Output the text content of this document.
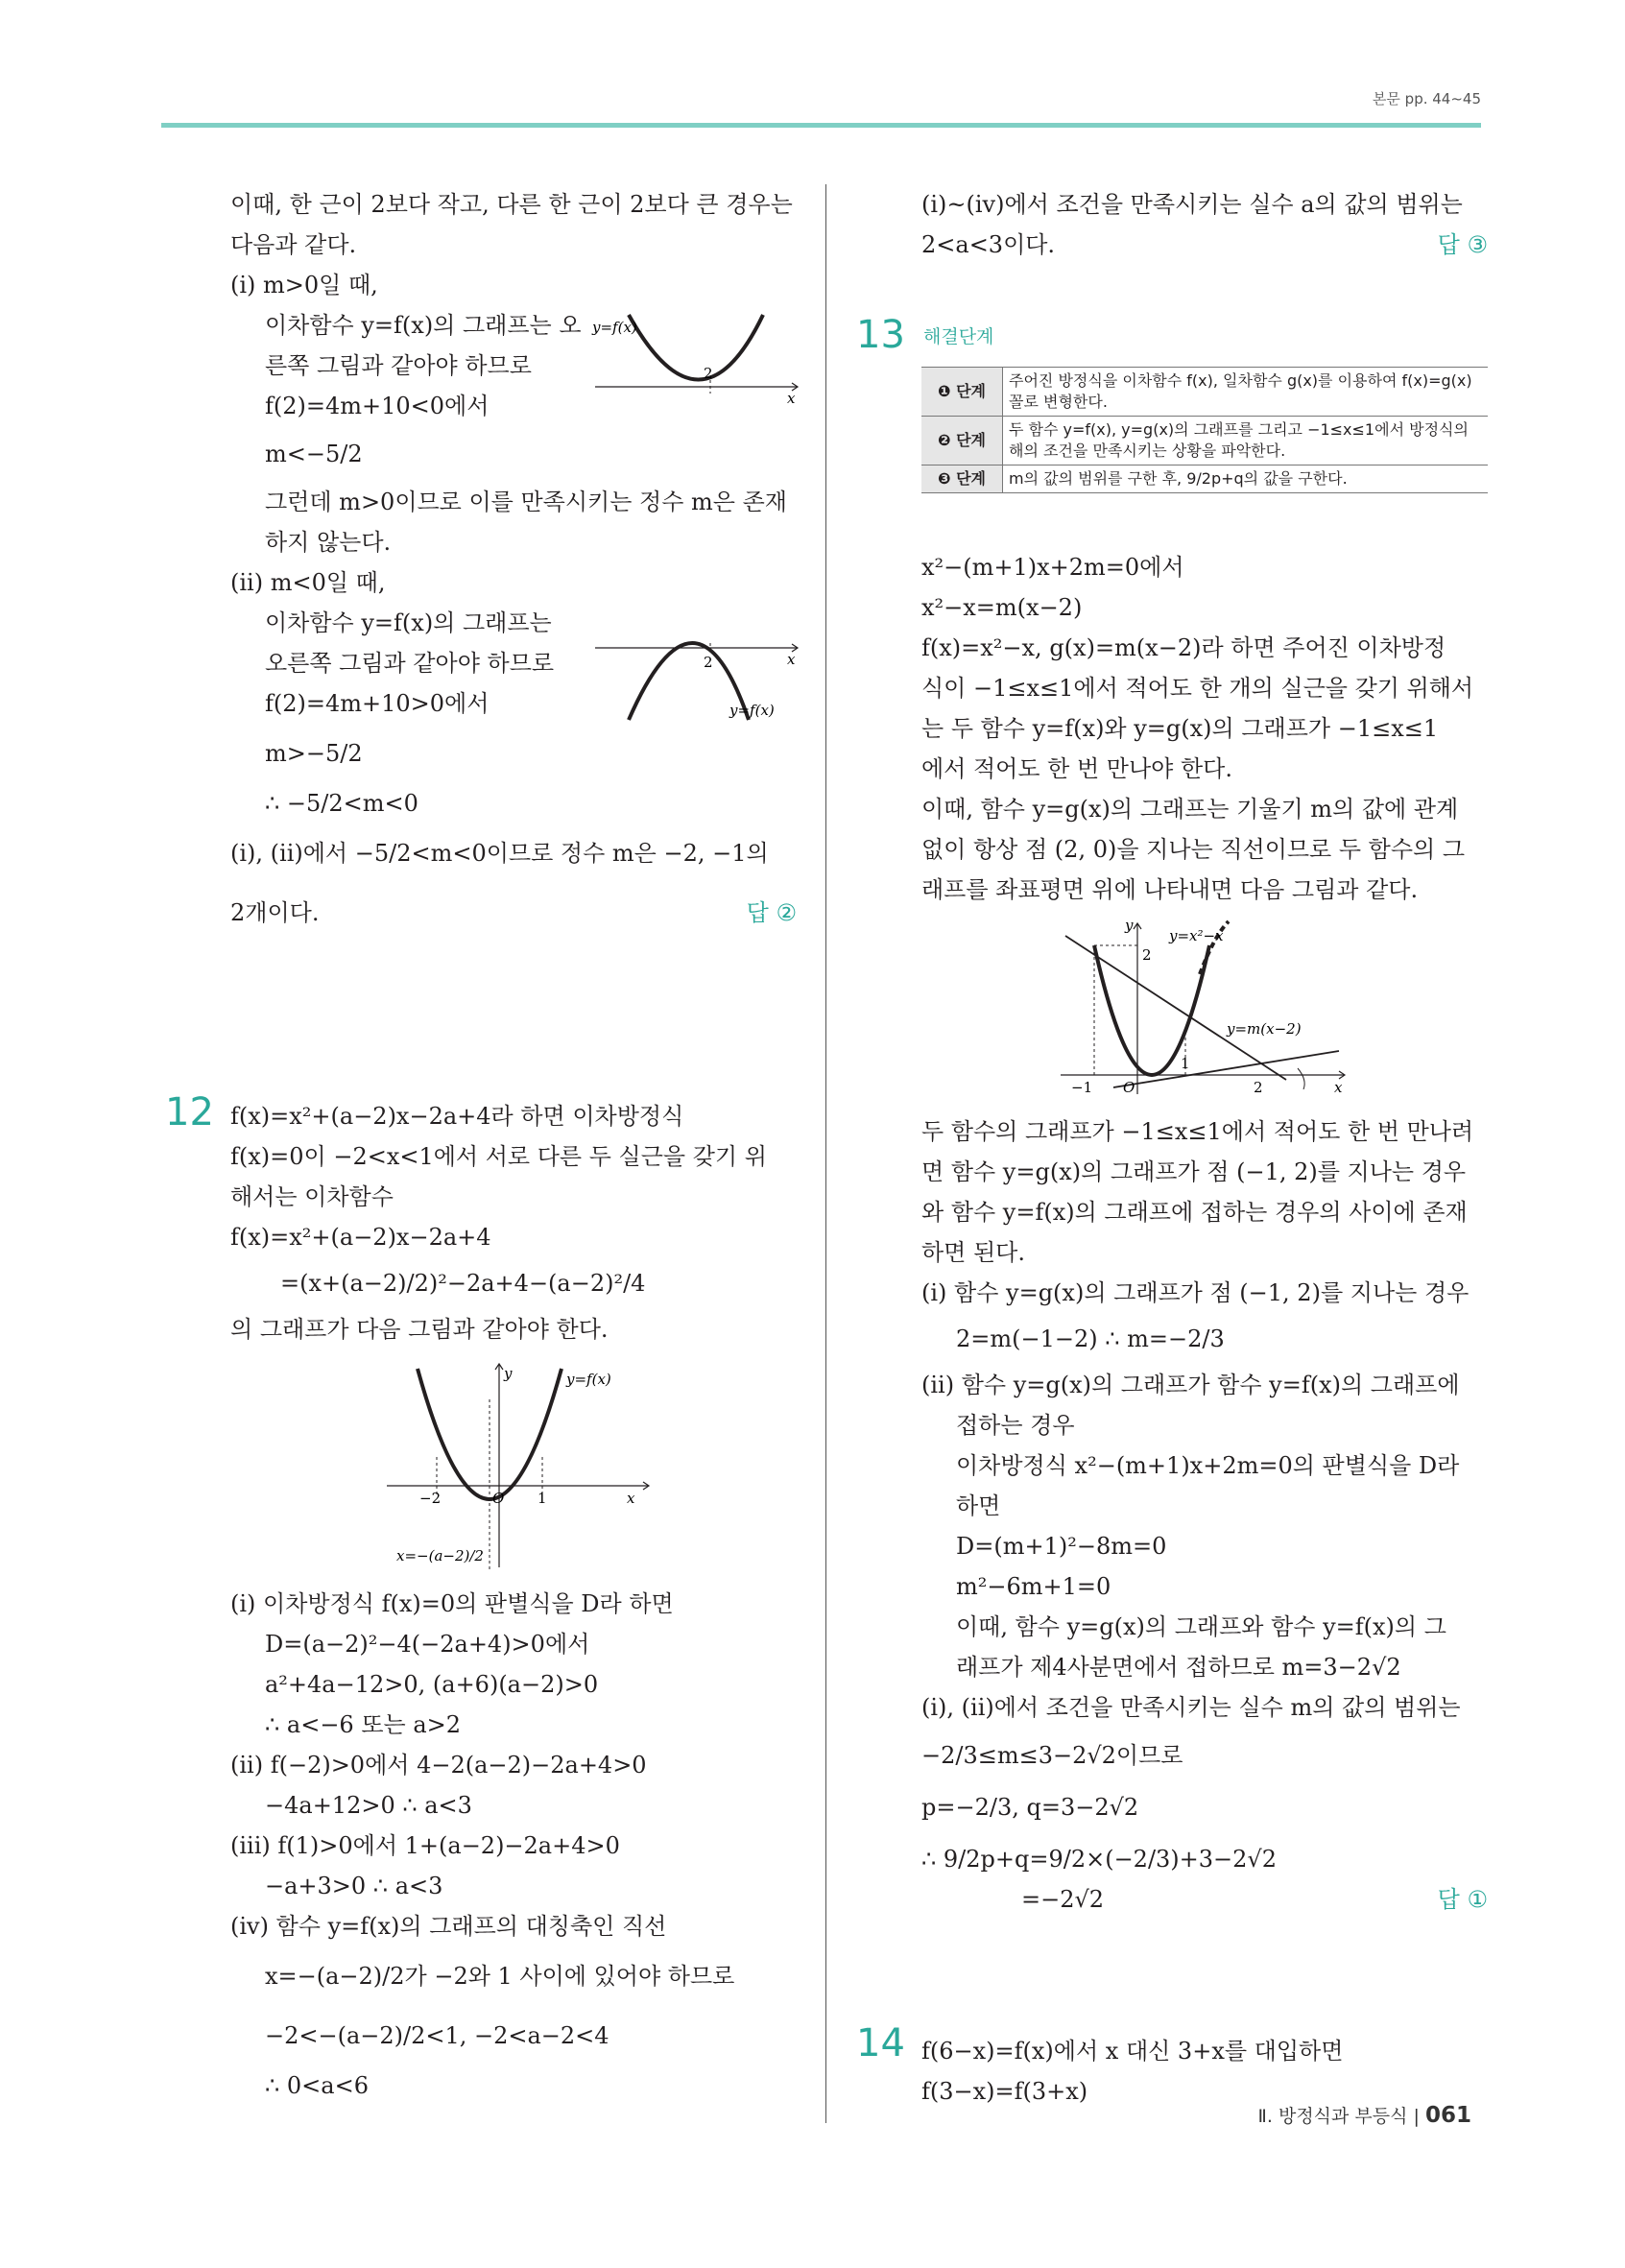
본문 pp. 44~45
이때, 한 근이 2보다 작고, 다른 한 근이 2보다 큰 경우는
다음과 같다.
(i) m>0일 때,
이차함수 y=f(x)의 그래프는 오
른쪽 그림과 같아야 하므로
f(2)=4m+10<0에서
m<−5/2
그런데 m>0이므로 이를 만족시키는 정수 m은 존재
하지 않는다.
(ii) m<0일 때,
이차함수 y=f(x)의 그래프는
오른쪽 그림과 같아야 하므로
f(2)=4m+10>0에서
m>−5/2
∴ −5/2<m<0
(i), (ii)에서 −5/2<m<0이므로 정수 m은 −2, −1의
2개이다.	답 ②
y=f(x)
2
x
2	x
y=f(x)
12 f(x)=x²+(a−2)x−2a+4라 하면 이차방정식
f(x)=0이 −2<x<1에서 서로 다른 두 실근을 갖기 위
해서는 이차함수
f(x)=x²+(a−2)x−2a+4
=(x+(a−2)/2)²−2a+4−(a−2)²/4
의 그래프가 다음 그림과 같아야 한다.
y	y=f(x)
−2	O 1	x
x=−(a−2)/2
(i) 이차방정식 f(x)=0의 판별식을 D라 하면
D=(a−2)²−4(−2a+4)>0에서
a²+4a−12>0, (a+6)(a−2)>0
∴ a<−6 또는 a>2
(ii) f(−2)>0에서 4−2(a−2)−2a+4>0
−4a+12>0 ∴ a<3
(iii) f(1)>0에서 1+(a−2)−2a+4>0
−a+3>0 ∴ a<3
(iv) 함수 y=f(x)의 그래프의 대칭축인 직선
x=−(a−2)/2가 −2와 1 사이에 있어야 하므로
−2<−(a−2)/2<1, −2<a−2<4
∴ 0<a<6
(i)~(iv)에서 조건을 만족시키는 실수 a의 값의 범위는
2<a<3이다.	답 ③
13 해결단계
❶ 단계	주어진 방정식을 이차함수 f(x), 일차함수 g(x)를 이용하여 f(x)=g(x) 꼴로 변형한다.
❷ 단계	두 함수 y=f(x), y=g(x)의 그래프를 그리고 −1≤x≤1에서 방정식의 해의 조건을 만족시키는 상황을 파악한다.
❸ 단계	m의 값의 범위를 구한 후, 9/2p+q의 값을 구한다.
x²−(m+1)x+2m=0에서
x²−x=m(x−2)
f(x)=x²−x, g(x)=m(x−2)라 하면 주어진 이차방정
식이 −1≤x≤1에서 적어도 한 개의 실근을 갖기 위해서
는 두 함수 y=f(x)와 y=g(x)의 그래프가 −1≤x≤1
에서 적어도 한 번 만나야 한다.
이때, 함수 y=g(x)의 그래프는 기울기 m의 값에 관계
없이 항상 점 (2, 0)을 지나는 직선이므로 두 함수의 그
래프를 좌표평면 위에 나타내면 다음 그림과 같다.
y
y=x²−x
2
y=m(x−2)
−1 O
1
2	x
두 함수의 그래프가 −1≤x≤1에서 적어도 한 번 만나려
면 함수 y=g(x)의 그래프가 점 (−1, 2)를 지나는 경우
와 함수 y=f(x)의 그래프에 접하는 경우의 사이에 존재
하면 된다.
(i) 함수 y=g(x)의 그래프가 점 (−1, 2)를 지나는 경우
2=m(−1−2) ∴ m=−2/3
(ii) 함수 y=g(x)의 그래프가 함수 y=f(x)의 그래프에
접하는 경우
이차방정식 x²−(m+1)x+2m=0의 판별식을 D라
하면
D=(m+1)²−8m=0
m²−6m+1=0
이때, 함수 y=g(x)의 그래프와 함수 y=f(x)의 그
래프가 제4사분면에서 접하므로 m=3−2√2
(i), (ii)에서 조건을 만족시키는 실수 m의 값의 범위는
−2/3≤m≤3−2√2이므로
p=−2/3, q=3−2√2
∴ 9/2p+q=9/2×(−2/3)+3−2√2
=−2√2	답 ①
14 f(6−x)=f(x)에서 x 대신 3+x를 대입하면
f(3−x)=f(3+x)
Ⅱ. 방정식과 부등식 | 061
